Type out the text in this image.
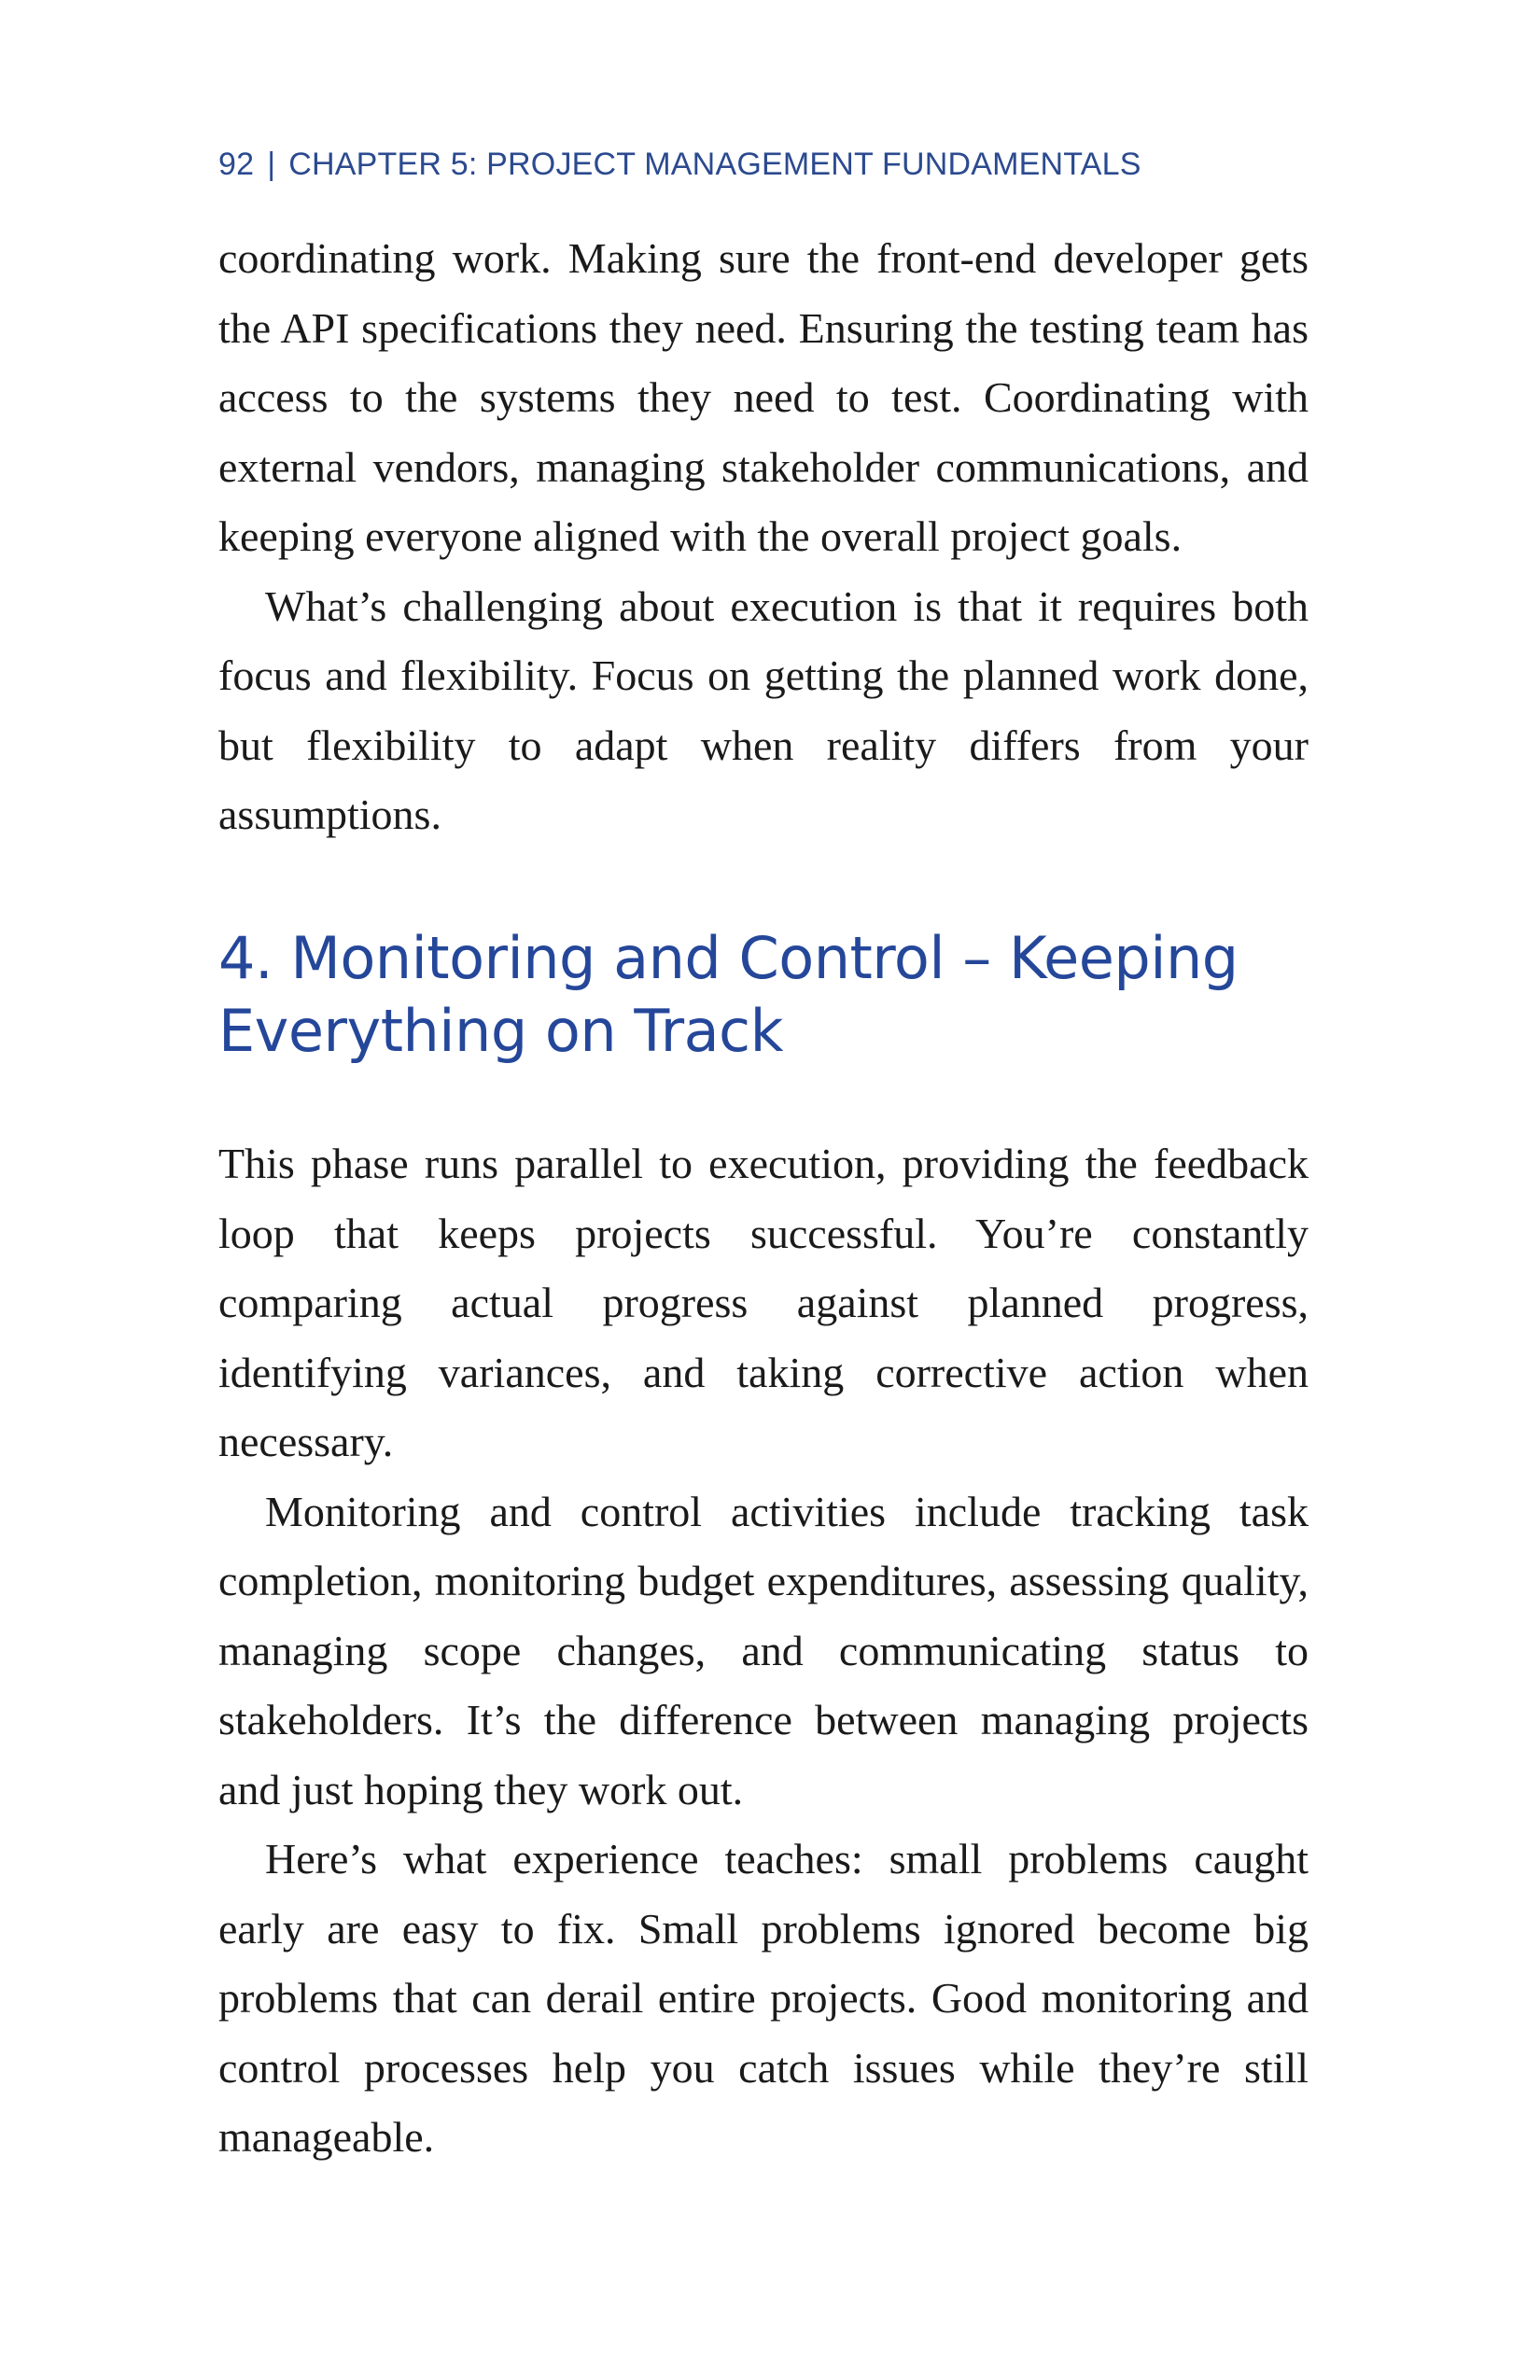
92 | CHAPTER 5: PROJECT MANAGEMENT FUNDAMENTALS

coordinating work. Making sure the front-end developer gets the API specifications they need. Ensuring the testing team has access to the systems they need to test. Coordinating with external vendors, managing stakeholder communications, and keeping everyone aligned with the overall project goals.

What’s challenging about execution is that it requires both focus and flexibility. Focus on getting the planned work done, but flexibility to adapt when reality differs from your assumptions.

4. Monitoring and Control – Keeping Everything on Track

This phase runs parallel to execution, providing the feedback loop that keeps projects successful. You’re constantly comparing actual progress against planned progress, identifying variances, and taking corrective action when necessary.

Monitoring and control activities include tracking task completion, monitoring budget expenditures, assessing quality, managing scope changes, and communicating status to stakeholders. It’s the difference between managing projects and just hoping they work out.

Here’s what experience teaches: small problems caught early are easy to fix. Small problems ignored become big problems that can derail entire projects. Good monitoring and control processes help you catch issues while they’re still manageable.
